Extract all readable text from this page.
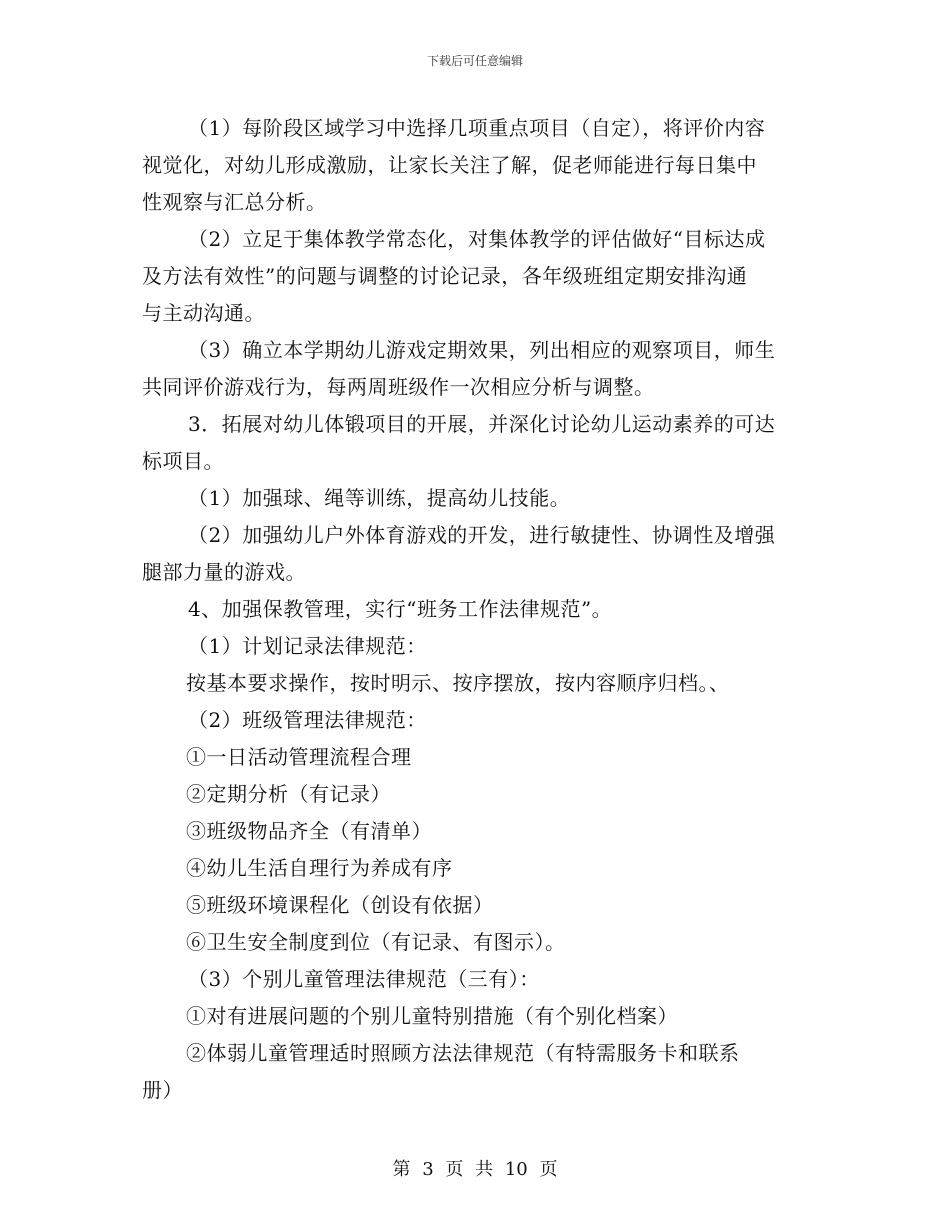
下载后可任意编辑
（1）每阶段区域学习中选择几项重点项目（自定），将评价内容
视觉化，对幼儿形成激励，让家长关注了解，促老师能进行每日集中
性观察与汇总分析。
（2）立足于集体教学常态化，对集体教学的评估做好“目标达成
及方法有效性”的问题与调整的讨论记录，各年级班组定期安排沟通
与主动沟通。
（3）确立本学期幼儿游戏定期效果，列出相应的观察项目，师生
共同评价游戏行为，每两周班级作一次相应分析与调整。
3．拓展对幼儿体锻项目的开展，并深化讨论幼儿运动素养的可达
标项目。
（1）加强球、绳等训练，提高幼儿技能。
（2）加强幼儿户外体育游戏的开发，进行敏捷性、协调性及增强
腿部力量的游戏。
4、加强保教管理，实行“班务工作法律规范”。
（1）计划记录法律规范：
按基本要求操作，按时明示、按序摆放，按内容顺序归档。、
（2）班级管理法律规范：
①一日活动管理流程合理
②定期分析（有记录）
③班级物品齐全（有清单）
④幼儿生活自理行为养成有序
⑤班级环境课程化（创设有依据）
⑥卫生安全制度到位（有记录、有图示）。
（3）个别儿童管理法律规范（三有）：
①对有进展问题的个别儿童特别措施（有个别化档案）
②体弱儿童管理适时照顾方法法律规范（有特需服务卡和联系
册）
第 3 页 共 10 页
